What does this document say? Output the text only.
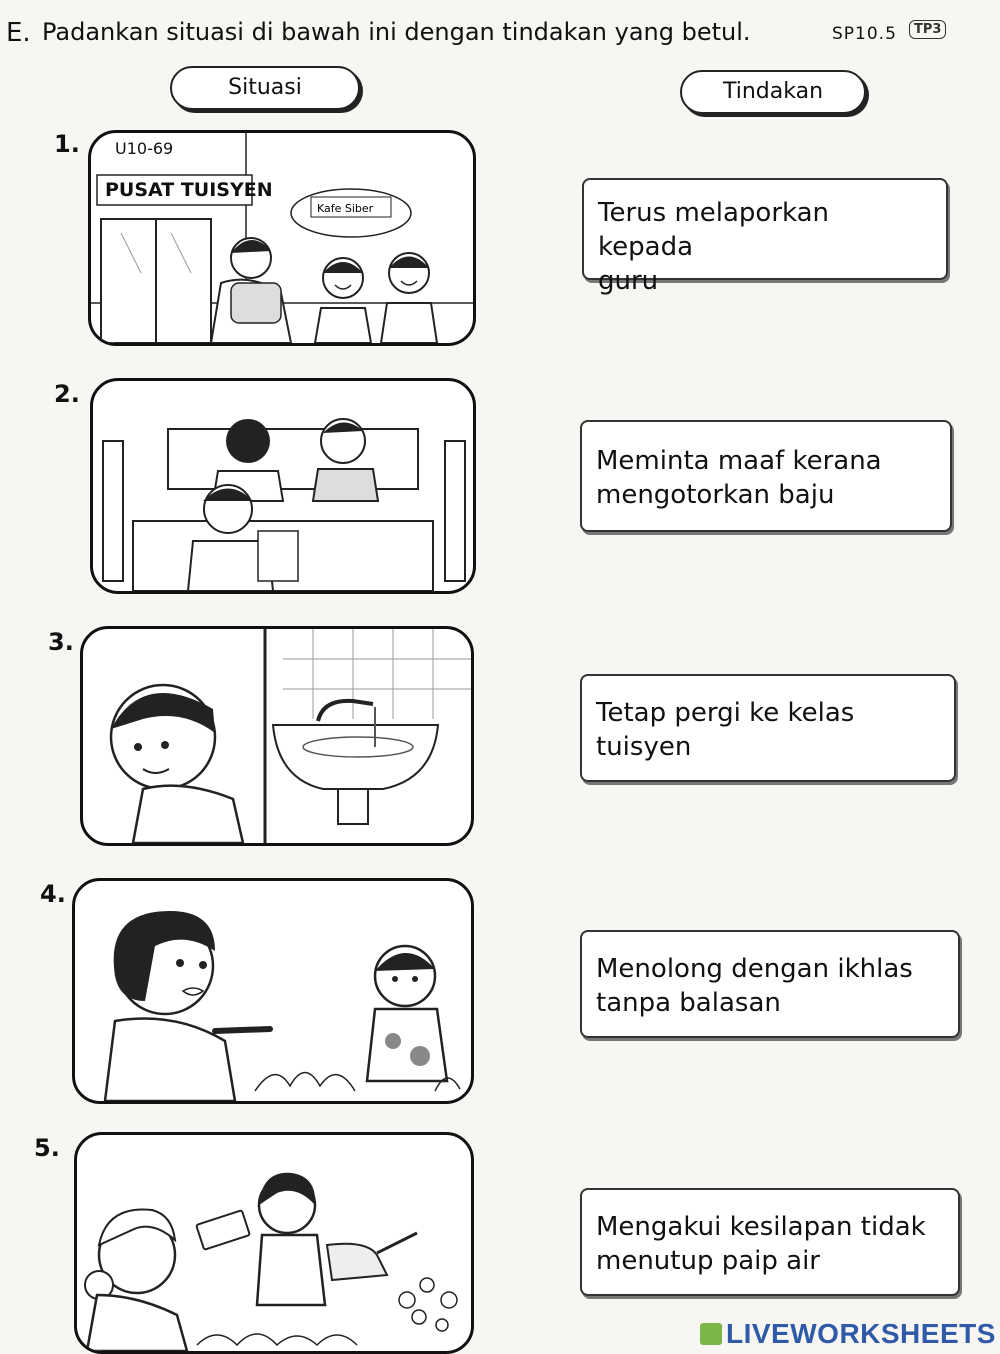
E. Padankan situasi di bawah ini dengan tindakan yang betul.	SP10.5	TP3
Situasi	Tindakan
1.
2.
3.
4.
5.
Kafe Siber
U10-69
PUSAT TUISYEN
Terus melaporkan kepada
guru
Meminta maaf kerana
mengotorkan baju
Tetap pergi ke kelas
tuisyen
Menolong dengan ikhlas
tanpa balasan
Mengakui kesilapan tidak
menutup paip air
LIVEWORKSHEETS
